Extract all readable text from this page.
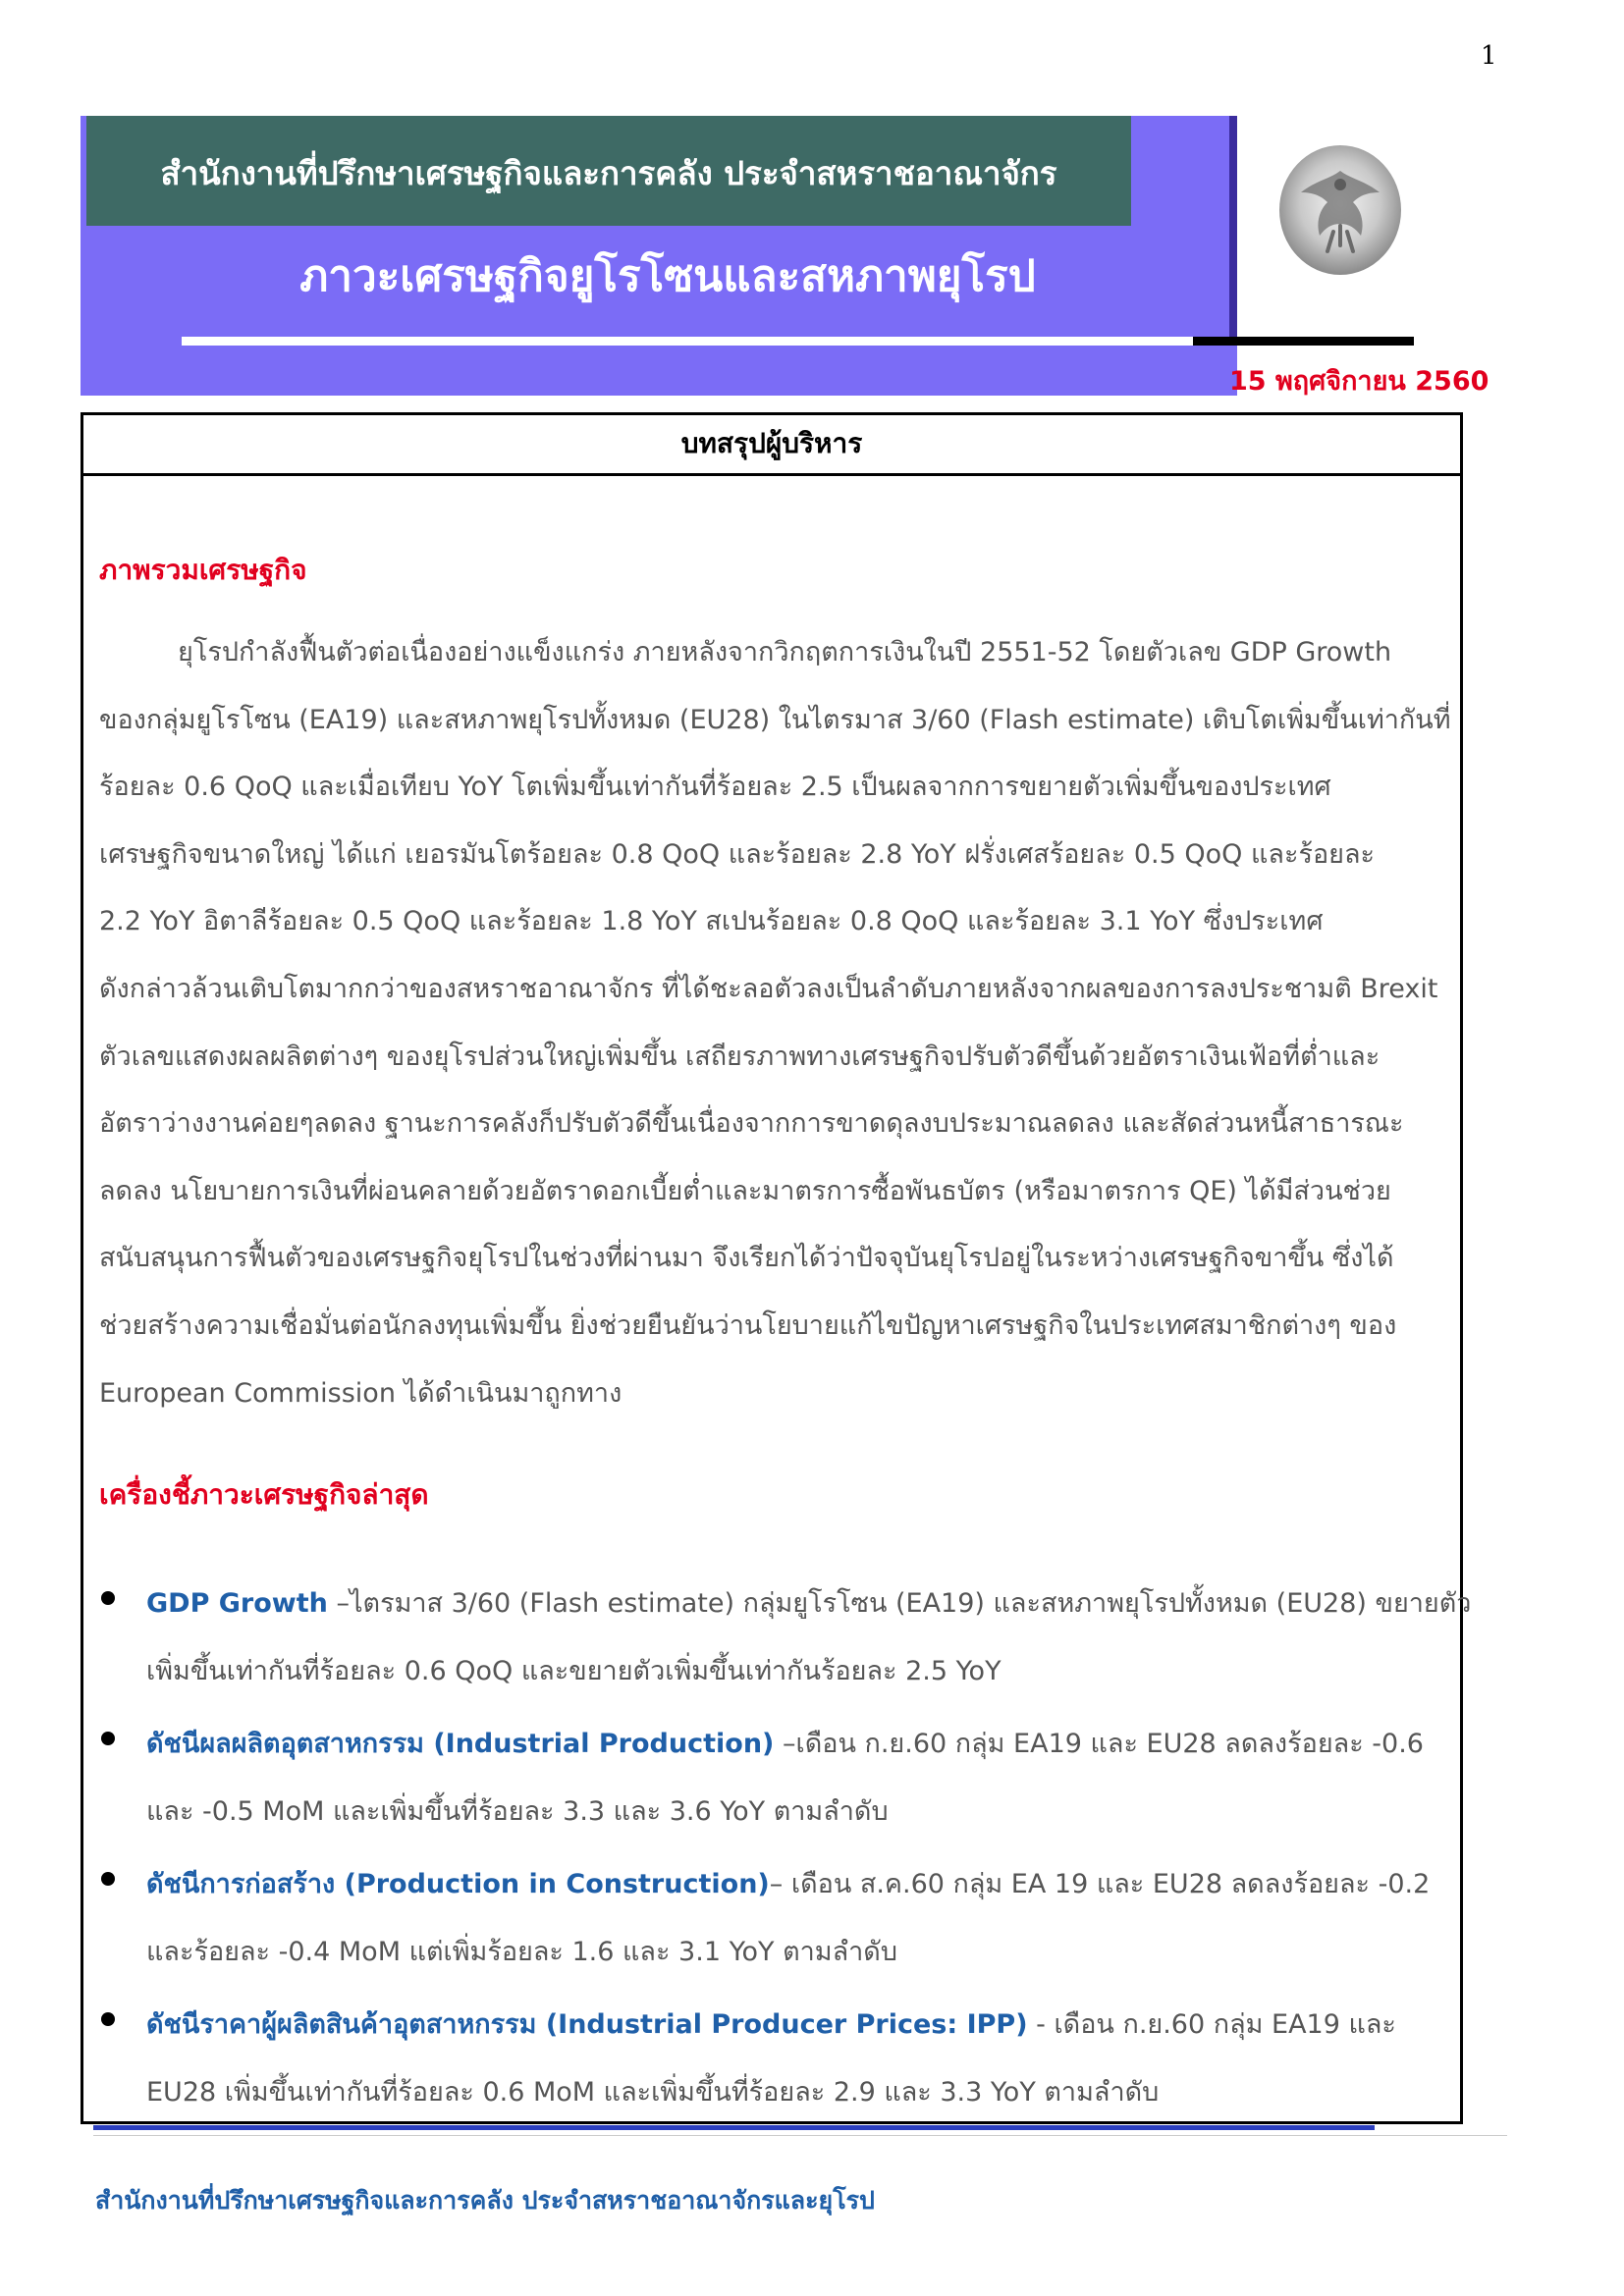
1
สำนักงานที่ปรึกษาเศรษฐกิจและการคลัง ประจำสหราชอาณาจักร
ภาวะเศรษฐกิจยูโรโซนและสหภาพยุโรป
15 พฤศจิกายน 2560
บทสรุปผู้บริหาร
ภาพรวมเศรษฐกิจ
ยุโรปกำลังฟื้นตัวต่อเนื่องอย่างแข็งแกร่ง ภายหลังจากวิกฤตการเงินในปี 2551-52 โดยตัวเลข GDP Growth
ของกลุ่มยูโรโซน (EA19) และสหภาพยุโรปทั้งหมด (EU28) ในไตรมาส 3/60 (Flash estimate) เติบโตเพิ่มขึ้นเท่ากันที่
ร้อยละ 0.6 QoQ และเมื่อเทียบ YoY โตเพิ่มขึ้นเท่ากันที่ร้อยละ 2.5 เป็นผลจากการขยายตัวเพิ่มขึ้นของประเทศ
เศรษฐกิจขนาดใหญ่ ได้แก่ เยอรมันโตร้อยละ 0.8 QoQ และร้อยละ 2.8 YoY ฝรั่งเศสร้อยละ 0.5 QoQ และร้อยละ
2.2 YoY อิตาลีร้อยละ 0.5 QoQ และร้อยละ 1.8 YoY สเปนร้อยละ 0.8 QoQ และร้อยละ 3.1 YoY ซึ่งประเทศ
ดังกล่าวล้วนเติบโตมากกว่าของสหราชอาณาจักร ที่ได้ชะลอตัวลงเป็นลำดับภายหลังจากผลของการลงประชามติ Brexit
ตัวเลขแสดงผลผลิตต่างๆ ของยุโรปส่วนใหญ่เพิ่มขึ้น เสถียรภาพทางเศรษฐกิจปรับตัวดีขึ้นด้วยอัตราเงินเฟ้อที่ต่ำและ
อัตราว่างงานค่อยๆลดลง ฐานะการคลังก็ปรับตัวดีขึ้นเนื่องจากการขาดดุลงบประมาณลดลง และสัดส่วนหนี้สาธารณะ
ลดลง นโยบายการเงินที่ผ่อนคลายด้วยอัตราดอกเบี้ยต่ำและมาตรการซื้อพันธบัตร (หรือมาตรการ QE) ได้มีส่วนช่วย
สนับสนุนการฟื้นตัวของเศรษฐกิจยุโรปในช่วงที่ผ่านมา จึงเรียกได้ว่าปัจจุบันยุโรปอยู่ในระหว่างเศรษฐกิจขาขึ้น ซึ่งได้
ช่วยสร้างความเชื่อมั่นต่อนักลงทุนเพิ่มขึ้น ยิ่งช่วยยืนยันว่านโยบายแก้ไขปัญหาเศรษฐกิจในประเทศสมาชิกต่างๆ ของ
European Commission ได้ดำเนินมาถูกทาง
เครื่องชี้ภาวะเศรษฐกิจล่าสุด
GDP Growth –ไตรมาส 3/60 (Flash estimate) กลุ่มยูโรโซน (EA19) และสหภาพยุโรปทั้งหมด (EU28) ขยายตัว
เพิ่มขึ้นเท่ากันที่ร้อยละ 0.6 QoQ และขยายตัวเพิ่มขึ้นเท่ากันร้อยละ 2.5 YoY
ดัชนีผลผลิตอุตสาหกรรม (Industrial Production) –เดือน ก.ย.60 กลุ่ม EA19 และ EU28 ลดลงร้อยละ -0.6
และ -0.5 MoM และเพิ่มขึ้นที่ร้อยละ 3.3 และ 3.6 YoY ตามลำดับ
ดัชนีการก่อสร้าง (Production in Construction)– เดือน ส.ค.60 กลุ่ม EA 19 และ EU28 ลดลงร้อยละ -0.2
และร้อยละ -0.4 MoM แต่เพิ่มร้อยละ 1.6 และ 3.1 YoY ตามลำดับ
ดัชนีราคาผู้ผลิตสินค้าอุตสาหกรรม (Industrial Producer Prices: IPP) - เดือน ก.ย.60 กลุ่ม EA19 และ
EU28 เพิ่มขึ้นเท่ากันที่ร้อยละ 0.6 MoM และเพิ่มขึ้นที่ร้อยละ 2.9 และ 3.3 YoY ตามลำดับ
สำนักงานที่ปรึกษาเศรษฐกิจและการคลัง ประจำสหราชอาณาจักรและยุโรป
